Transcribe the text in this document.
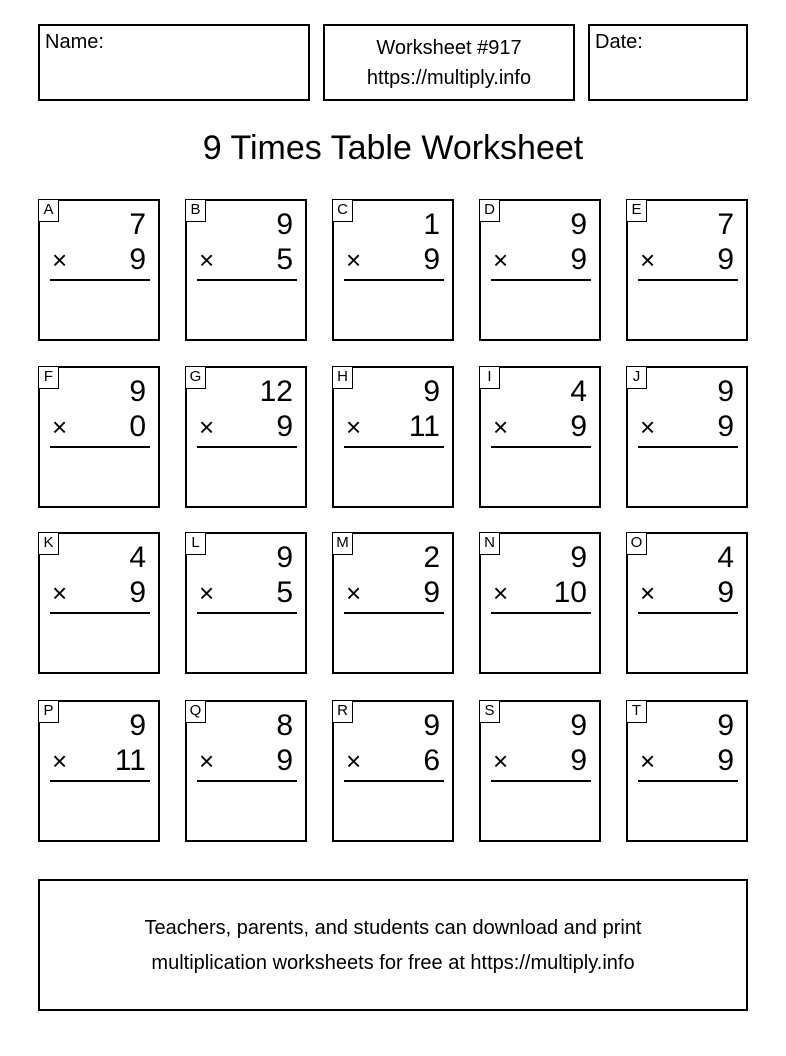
Name:	Worksheet #917
https://multiply.info
Date:
9 Times Table Worksheet
A	7
× 9
B	9
× 5
C	1
× 9
D	9
× 9
E	7
× 9
F	9
× 0
G 12
× 9
H	9
× 11
I	4
× 9
J	9
× 9
K	4
× 9
L	9
× 5
M 2
× 9
N	9
× 10
O 4
× 9
P	9
× 11
Q 8
× 9
R	9
× 6
S	9
× 9
T	9
× 9
Teachers, parents, and students can download and print
multiplication worksheets for free at https://multiply.info
